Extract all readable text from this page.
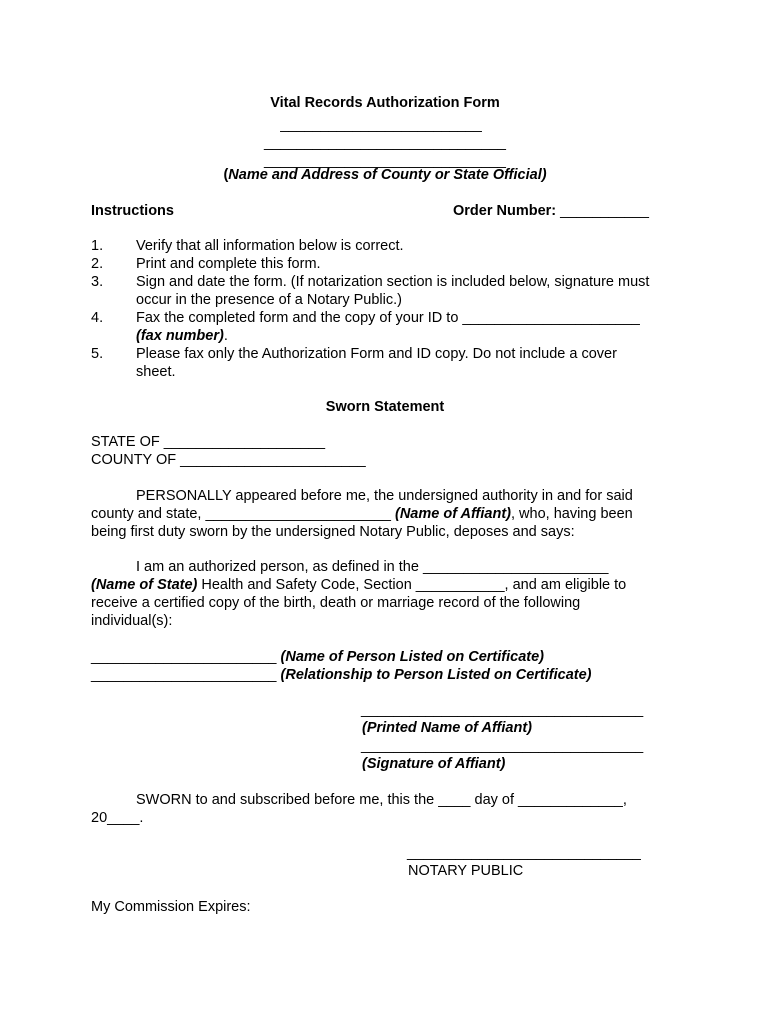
Vital Records Authorization Form
_________________________
______________________________
______________________________
(Name and Address of County or State Official)
Instructions	Order Number: ___________
1. Verify that all information below is correct.
2. Print and complete this form.
3. Sign and date the form. (If notarization section is included below, signature must
occur in the presence of a Notary Public.)
4. Fax the completed form and the copy of your ID to ______________________
(fax number).
5. Please fax only the Authorization Form and ID copy. Do not include a cover
sheet.
Sworn Statement
STATE OF ____________________
COUNTY OF _______________________
PERSONALLY appeared before me, the undersigned authority in and for said
county and state, _______________________ (Name of Affiant), who, having been
being first duty sworn by the undersigned Notary Public, deposes and says:
I am an authorized person, as defined in the _______________________
(Name of State) Health and Safety Code, Section ___________, and am eligible to
receive a certified copy of the birth, death or marriage record of the following
individual(s):
_______________________ (Name of Person Listed on Certificate)
_______________________ (Relationship to Person Listed on Certificate)
___________________________________
(Printed Name of Affiant)
___________________________________
(Signature of Affiant)
SWORN to and subscribed before me, this the ____ day of _____________,
20____.
_____________________________
NOTARY PUBLIC
My Commission Expires:
